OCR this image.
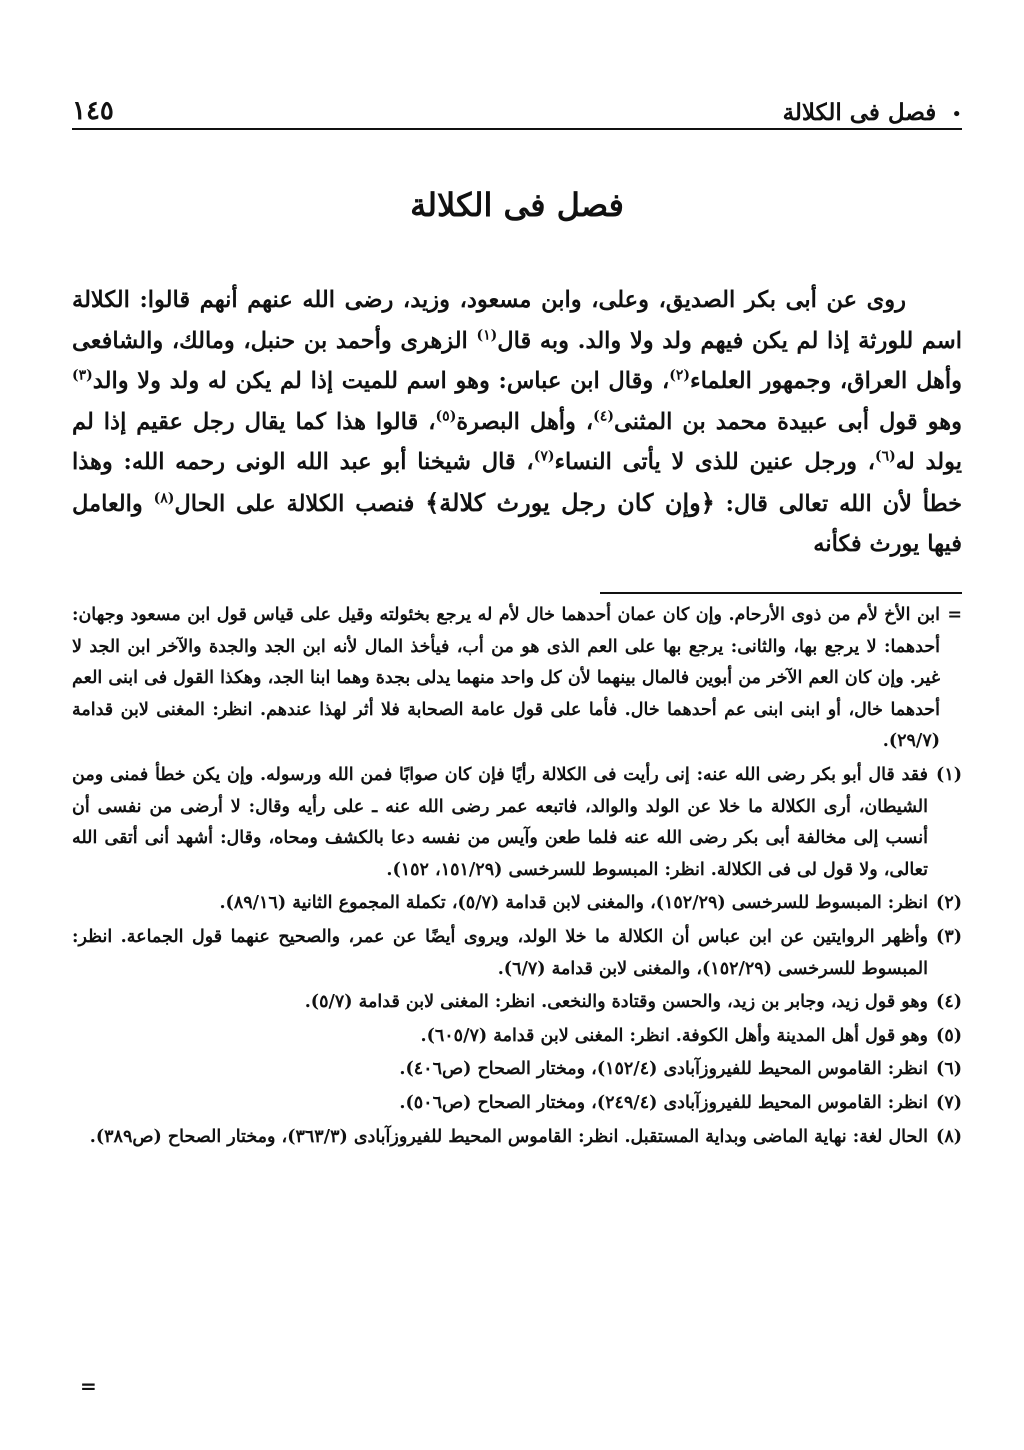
• فصل فى الكلالة
١٤٥
فصل فى الكلالة

روى عن أبى بكر الصديق، وعلى، وابن مسعود، وزيد، رضى الله عنهم أنهم قالوا: الكلالة اسم للورثة إذا لم يكن فيهم ولد ولا والد. وبه قال$^{(١)}$ الزهرى وأحمد بن حنبل، ومالك، والشافعى وأهل العراق، وجمهور العلماء$^{(٢)}$، وقال ابن عباس: وهو اسم للميت إذا لم يكن له ولد ولا والد$^{(٣)}$ وهو قول أبى عبيدة محمد بن المثنى$^{(٤)}$، وأهل البصرة$^{(٥)}$، قالوا هذا كما يقال رجل عقيم إذا لم يولد له$^{(٦)}$، ورجل عنين للذى لا يأتى النساء$^{(٧)}$، قال شيخنا أبو عبد الله الونى رحمه الله: وهذا خطأ لأن الله تعالى قال: ﴿وإن كان رجل يورث كلالة﴾ فنصب الكلالة على الحال$^{(٨)}$ والعامل فيها يورث فكأنه

=
ابن الأخ لأم من ذوى الأرحام. وإن كان عمان أحدهما خال لأم له يرجع بخئولته وقيل على قياس قول ابن مسعود وجهان: أحدهما: لا يرجع بها، والثانى: يرجع بها على العم الذى هو من أب، فيأخذ المال لأنه ابن الجد والجدة والآخر ابن الجد لا غير. وإن كان العم الآخر من أبوين فالمال بينهما لأن كل واحد منهما يدلى بجدة وهما ابنا الجد، وهكذا القول فى ابنى العم أحدهما خال، أو ابنى ابنى عم أحدهما خال. فأما على قول عامة الصحابة فلا أثر لهذا عندهم. انظر: المغنى لابن قدامة (٢٩/٧).

(١)
فقد قال أبو بكر رضى الله عنه: إنى رأيت فى الكلالة رأيًا فإن كان صوابًا فمن الله ورسوله. وإن يكن خطأ فمنى ومن الشيطان، أرى الكلالة ما خلا عن الولد والوالد، فاتبعه عمر رضى الله عنه ـ على رأيه وقال: لا أرضى من نفسى أن أنسب إلى مخالفة أبى بكر رضى الله عنه فلما طعن وآيس من نفسه دعا بالكشف ومحاه، وقال: أشهد أنى أتقى الله تعالى، ولا قول لى فى الكلالة. انظر: المبسوط للسرخسى (١٥١/٢٩، ١٥٢).

(٢)
انظر: المبسوط للسرخسى (١٥٢/٢٩)، والمغنى لابن قدامة (٥/٧)، تكملة المجموع الثانية (٨٩/١٦).

(٣)
وأظهر الروايتين عن ابن عباس أن الكلالة ما خلا الولد، ويروى أيضًا عن عمر، والصحيح عنهما قول الجماعة. انظر: المبسوط للسرخسى (١٥٢/٢٩)، والمغنى لابن قدامة (٦/٧).

(٤)
وهو قول زيد، وجابر بن زيد، والحسن وقتادة والنخعى. انظر: المغنى لابن قدامة (٥/٧).

(٥)
وهو قول أهل المدينة وأهل الكوفة. انظر: المغنى لابن قدامة (٦٠٥/٧).

(٦)
انظر: القاموس المحيط للفيروزآبادى (١٥٢/٤)، ومختار الصحاح (ص٤٠٦).

(٧)
انظر: القاموس المحيط للفيروزآبادى (٢٤٩/٤)، ومختار الصحاح (ص٥٠٦).

(٨)
الحال لغة: نهاية الماضى وبداية المستقبل. انظر: القاموس المحيط للفيروزآبادى (٣٦٣/٣)، ومختار الصحاح (ص٣٨٩).

=
